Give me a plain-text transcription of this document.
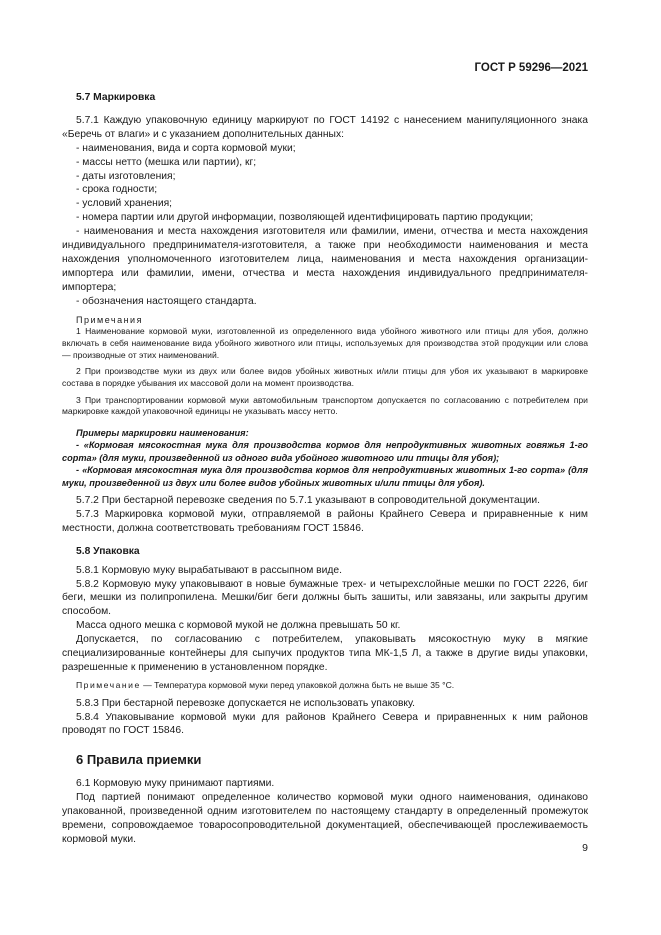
ГОСТ Р 59296—2021

5.7 Маркировка

5.7.1 Каждую упаковочную единицу маркируют по ГОСТ 14192 с нанесением манипуляционного знака «Беречь от влаги» и с указанием дополнительных данных:

- наименования, вида и сорта кормовой муки;

- массы нетто (мешка или партии), кг;

- даты изготовления;

- срока годности;

- условий хранения;

- номера партии или другой информации, позволяющей идентифицировать партию продукции;

- наименования и места нахождения изготовителя или фамилии, имени, отчества и места нахождения индивидуального предпринимателя-изготовителя, а также при необходимости наименования и места нахождения уполномоченного изготовителем лица, наименования и места нахождения организации-импортера или фамилии, имени, отчества и места нахождения индивидуального предпринимателя-импортера;

- обозначения настоящего стандарта.

Примечания

1 Наименование кормовой муки, изготовленной из определенного вида убойного животного или птицы для убоя, должно включать в себя наименование вида убойного животного или птицы, используемых для производства этой продукции или слова — производные от этих наименований.

2 При производстве муки из двух или более видов убойных животных и/или птицы для убоя их указывают в маркировке состава в порядке убывания их массовой доли на момент производства.

3 При транспортировании кормовой муки автомобильным транспортом допускается по согласованию с потребителем при маркировке каждой упаковочной единицы не указывать массу нетто.

Примеры маркировки наименования:

- «Кормовая мясокостная мука для производства кормов для непродуктивных животных говяжья 1-го сорта» (для муки, произведенной из одного вида убойного животного или птицы для убоя);

- «Кормовая мясокостная мука для производства кормов для непродуктивных животных 1-го сорта» (для муки, произведенной из двух или более видов убойных животных и/или птицы для убоя).

5.7.2 При бестарной перевозке сведения по 5.7.1 указывают в сопроводительной документации.

5.7.3 Маркировка кормовой муки, отправляемой в районы Крайнего Севера и приравненные к ним местности, должна соответствовать требованиям ГОСТ 15846.

5.8 Упаковка

5.8.1 Кормовую муку вырабатывают в рассыпном виде.

5.8.2 Кормовую муку упаковывают в новые бумажные трех- и четырехслойные мешки по ГОСТ 2226, биг беги, мешки из полипропилена. Мешки/биг беги должны быть зашиты, или завязаны, или закрыты другим способом.

Масса одного мешка с кормовой мукой не должна превышать 50 кг.

Допускается, по согласованию с потребителем, упаковывать мясокостную муку в мягкие специализированные контейнеры для сыпучих продуктов типа МК-1,5 Л, а также в другие виды упаковки, разрешенные к применению в установленном порядке.

Примечание — Температура кормовой муки перед упаковкой должна быть не выше 35 °С.

5.8.3 При бестарной перевозке допускается не использовать упаковку.

5.8.4 Упаковывание кормовой муки для районов Крайнего Севера и приравненных к ним районов проводят по ГОСТ 15846.

6 Правила приемки

6.1 Кормовую муку принимают партиями.

Под партией понимают определенное количество кормовой муки одного наименования, одинаково упакованной, произведенной одним изготовителем по настоящему стандарту в определенный промежуток времени, сопровождаемое товаросопроводительной документацией, обеспечивающей прослеживаемость кормовой муки.

9
